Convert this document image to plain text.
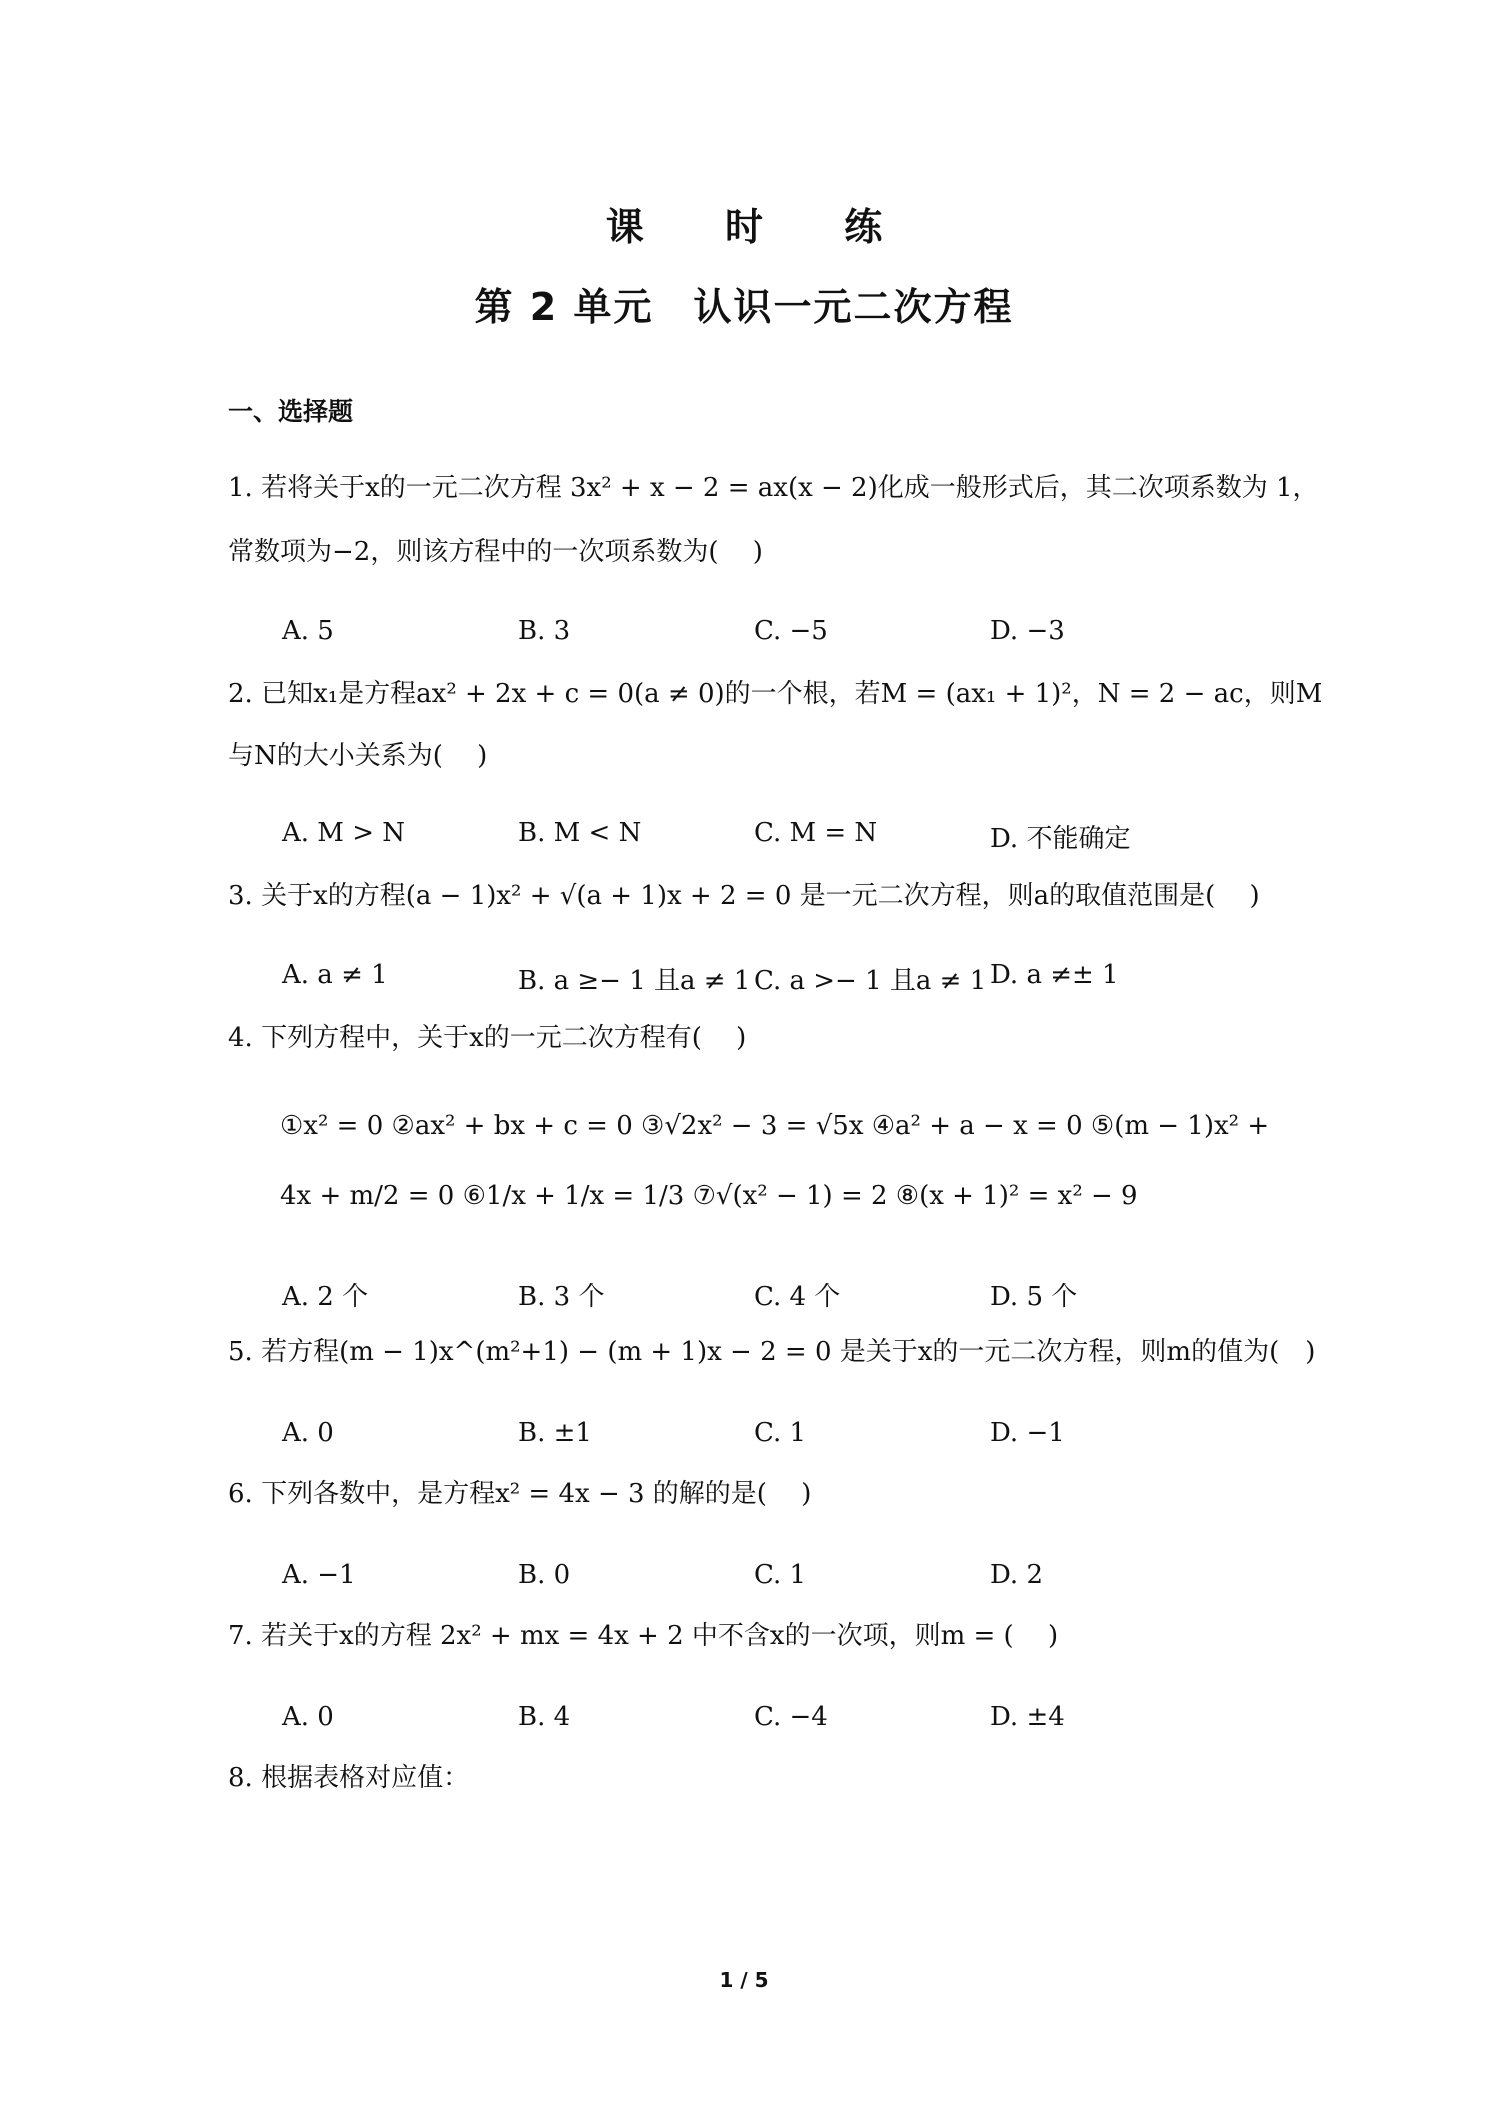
课 时 练
第 2 单元　认识一元二次方程
一、选择题
1. 若将关于x的一元二次方程 3x² + x − 2 = ax(x − 2)化成一般形式后，其二次项系数为 1，
常数项为−2，则该方程中的一次项系数为(　 )
A. 5	B. 3	C. −5	D. −3
2. 已知x₁是方程ax² + 2x + c = 0(a ≠ 0)的一个根，若M = (ax₁ + 1)²，N = 2 − ac，则M
与N的大小关系为(　 )
A. M > N	B. M < N	C. M = N	D. 不能确定
3. 关于x的方程(a − 1)x² + √(a + 1)x + 2 = 0 是一元二次方程，则a的取值范围是(　 )
A. a ≠ 1	B. a ≥− 1 且a ≠ 1 C. a >− 1 且a ≠ 1 D. a ≠± 1
4. 下列方程中，关于x的一元二次方程有(　 )
①x² = 0 ②ax² + bx + c = 0 ③√2x² − 3 = √5x ④a² + a − x = 0 ⑤(m − 1)x² +
4x + m/2 = 0 ⑥1/x + 1/x = 1/3 ⑦√(x² − 1) = 2 ⑧(x + 1)² = x² − 9
A. 2 个	B. 3 个	C. 4 个	D. 5 个
5. 若方程(m − 1)x^(m²+1) − (m + 1)x − 2 = 0 是关于x的一元二次方程，则m的值为(　)
A. 0	B. ±1	C. 1	D. −1
6. 下列各数中，是方程x² = 4x − 3 的解的是(　 )
A. −1	B. 0	C. 1	D. 2
7. 若关于x的方程 2x² + mx = 4x + 2 中不含x的一次项，则m = (　 )
A. 0	B. 4	C. −4	D. ±4
8. 根据表格对应值：
1 / 5
